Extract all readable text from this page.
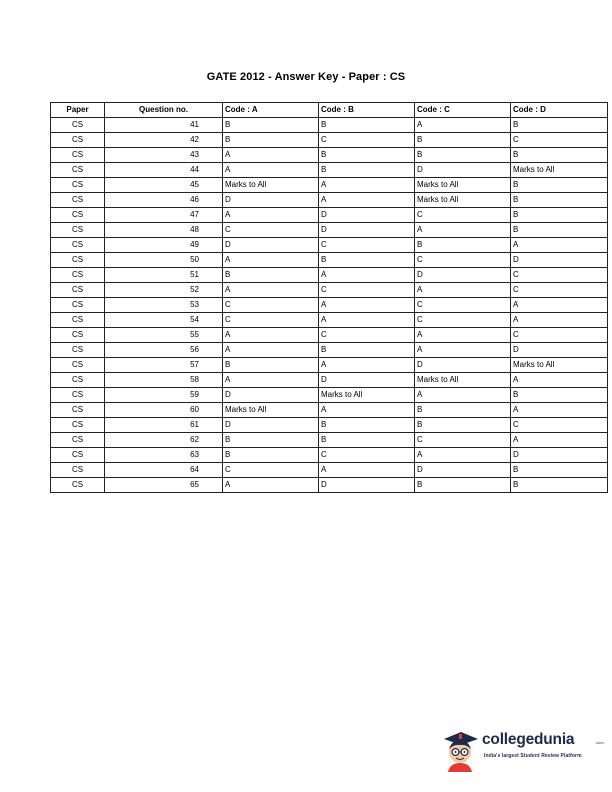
GATE 2012 - Answer Key - Paper : CS
Paper	Question no.	Code : A	Code : B	Code : C	Code : D
CS	41	B	B	A	B
CS	42	B	C	B	C
CS	43	A	B	B	B
CS	44	A	B	D	Marks to All
CS	45	Marks to All	A	Marks to All	B
CS	46	D	A	Marks to All	B
CS	47	A	D	C	B
CS	48	C	D	A	B
CS	49	D	C	B	A
CS	50	A	B	C	D
CS	51	B	A	D	C
CS	52	A	C	A	C
CS	53	C	A	C	A
CS	54	C	A	C	A
CS	55	A	C	A	C
CS	56	A	B	A	D
CS	57	B	A	D	Marks to All
CS	58	A	D	Marks to All	A
CS	59	D	Marks to All	A	B
CS	60	Marks to All	A	B	A
CS	61	D	B	B	C
CS	62	B	B	C	A
CS	63	B	C	A	D
CS	64	C	A	D	B
CS	65	A	D	B	B
collegedunia	.com
India's largest Student Review Platform
